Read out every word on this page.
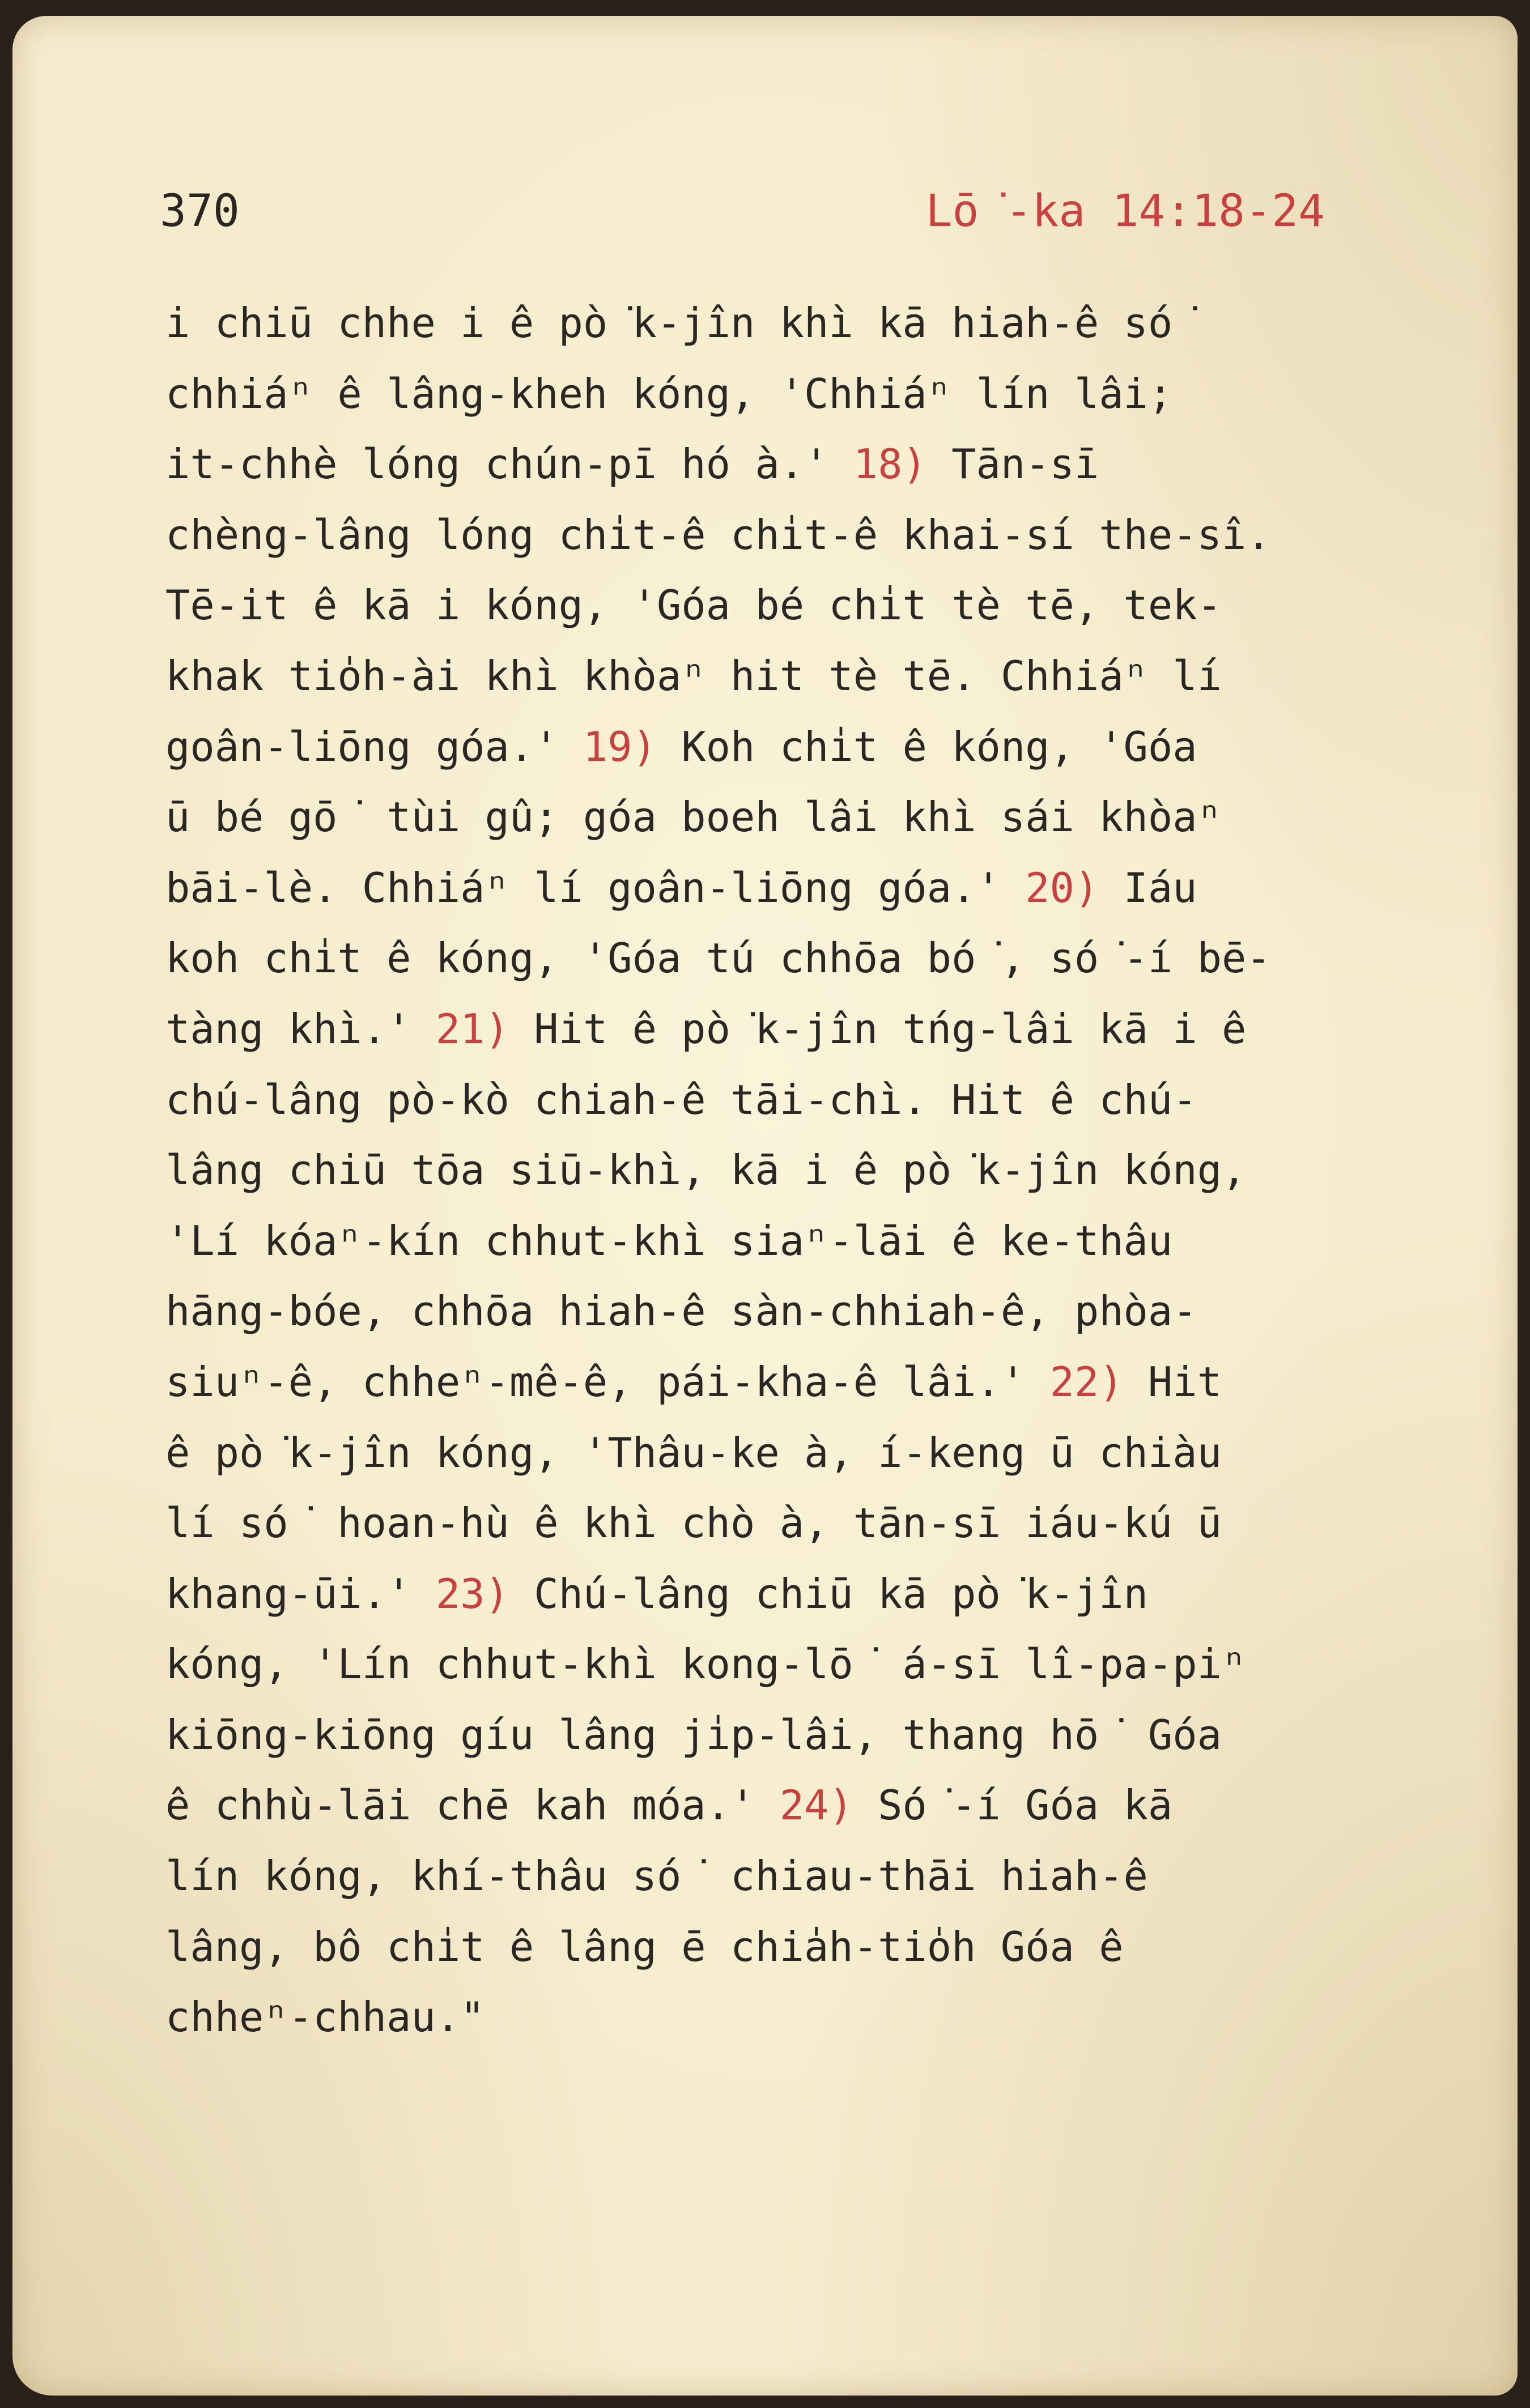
370	Lō͘-ka 14:18-24
i chiū chhe i ê pò͘k-jîn khì kā hiah-ê só͘
chhiáⁿ ê lâng-kheh kóng, 'Chhiáⁿ lín lâi;
it-chhè lóng chún-pī hó à.' 18) Tān-sī
chèng-lâng lóng chi̍t-ê chi̍t-ê khai-sí the-sî.
Tē-it ê kā i kóng, 'Góa bé chi̍t tè tē, tek-
khak tio̍h-ài khì khòaⁿ hit tè tē. Chhiáⁿ lí
goân-liōng góa.' 19) Koh chi̍t ê kóng, 'Góa
ū bé gō͘ tùi gû; góa boeh lâi khì sái khòaⁿ
bāi-lè. Chhiáⁿ lí goân-liōng góa.' 20) Iáu
koh chi̍t ê kóng, 'Góa tú chhōa bó͘, só͘-í bē-
tàng khì.' 21) Hit ê pò͘k-jîn tńg-lâi kā i ê
chú-lâng pò-kò chiah-ê tāi-chì. Hit ê chú-
lâng chiū tōa siū-khì, kā i ê pò͘k-jîn kóng,
'Lí kóaⁿ-kín chhut-khì siaⁿ-lāi ê ke-thâu
hāng-bóe, chhōa hiah-ê sàn-chhiah-ê, phòa-
siuⁿ-ê, chheⁿ-mê-ê, pái-kha-ê lâi.' 22) Hit
ê pò͘k-jîn kóng, 'Thâu-ke à, í-keng ū chiàu
lí só͘ hoan-hù ê khì chò à, tān-sī iáu-kú ū
khang-ūi.' 23) Chú-lâng chiū kā pò͘k-jîn
kóng, 'Lín chhut-khì kong-lō͘ á-sī lî-pa-piⁿ
kiōng-kiōng gíu lâng ji̍p-lâi, thang hō͘ Góa
ê chhù-lāi chē kah móa.' 24) Só͘-í Góa kā
lín kóng, khí-thâu só͘ chiau-thāi hiah-ê
lâng, bô chi̍t ê lâng ē chia̍h-tio̍h Góa ê
chheⁿ-chhau."
